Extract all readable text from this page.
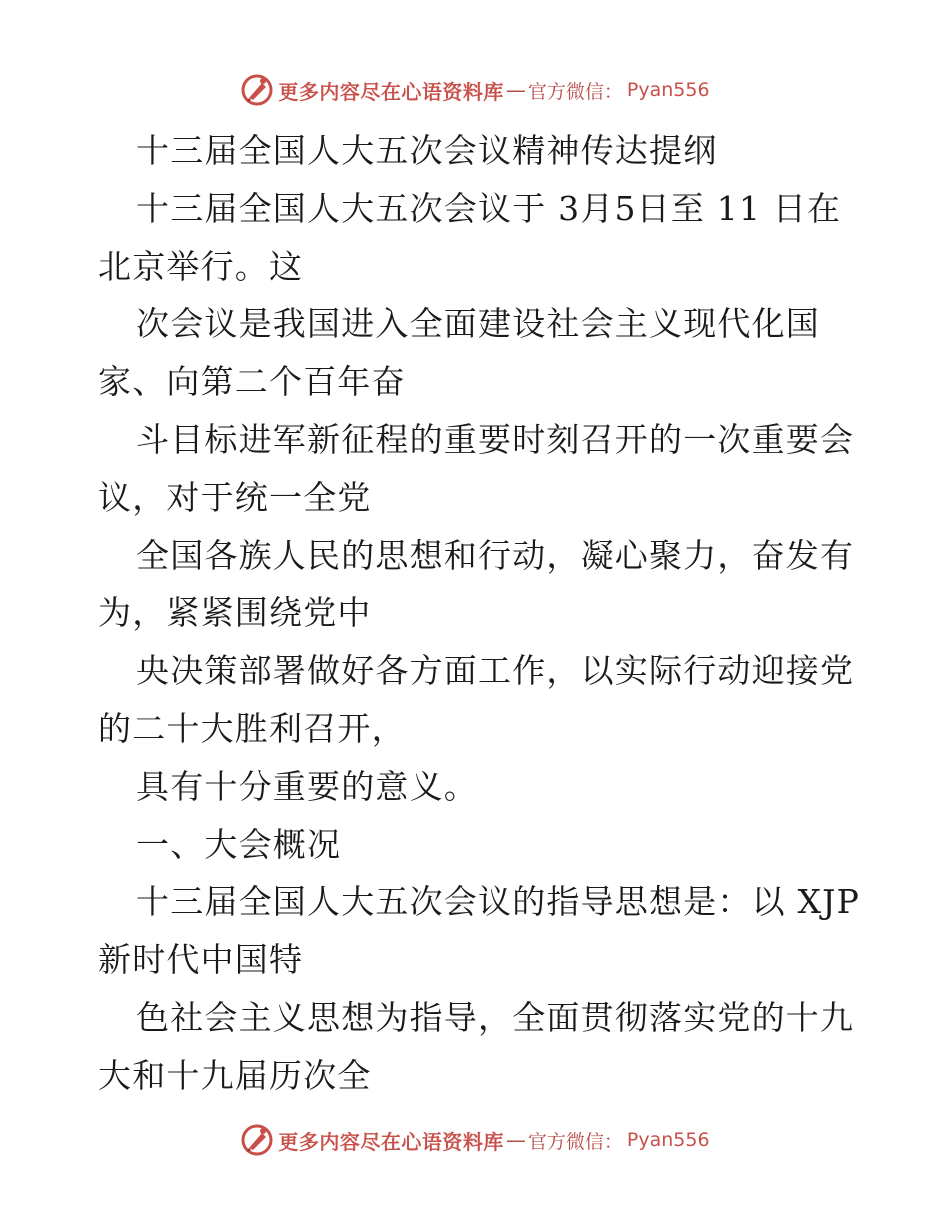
更多内容尽在心语资料库 — 官方微信： Pyan556
十三届全国人大五次会议精神传达提纲
十三届全国人大五次会议于 3月5日至 11 日在
北京举行。这
次会议是我国进入全面建设社会主义现代化国
家、向第二个百年奋
斗目标进军新征程的重要时刻召开的一次重要会
议，对于统一全党
全国各族人民的思想和行动，凝心聚力，奋发有
为，紧紧围绕党中
央决策部署做好各方面工作，以实际行动迎接党
的二十大胜利召开，
具有十分重要的意义。
一、大会概况
十三届全国人大五次会议的指导思想是：以 XJP
新时代中国特
色社会主义思想为指导，全面贯彻落实党的十九
大和十九届历次全
更多内容尽在心语资料库 — 官方微信： Pyan556
